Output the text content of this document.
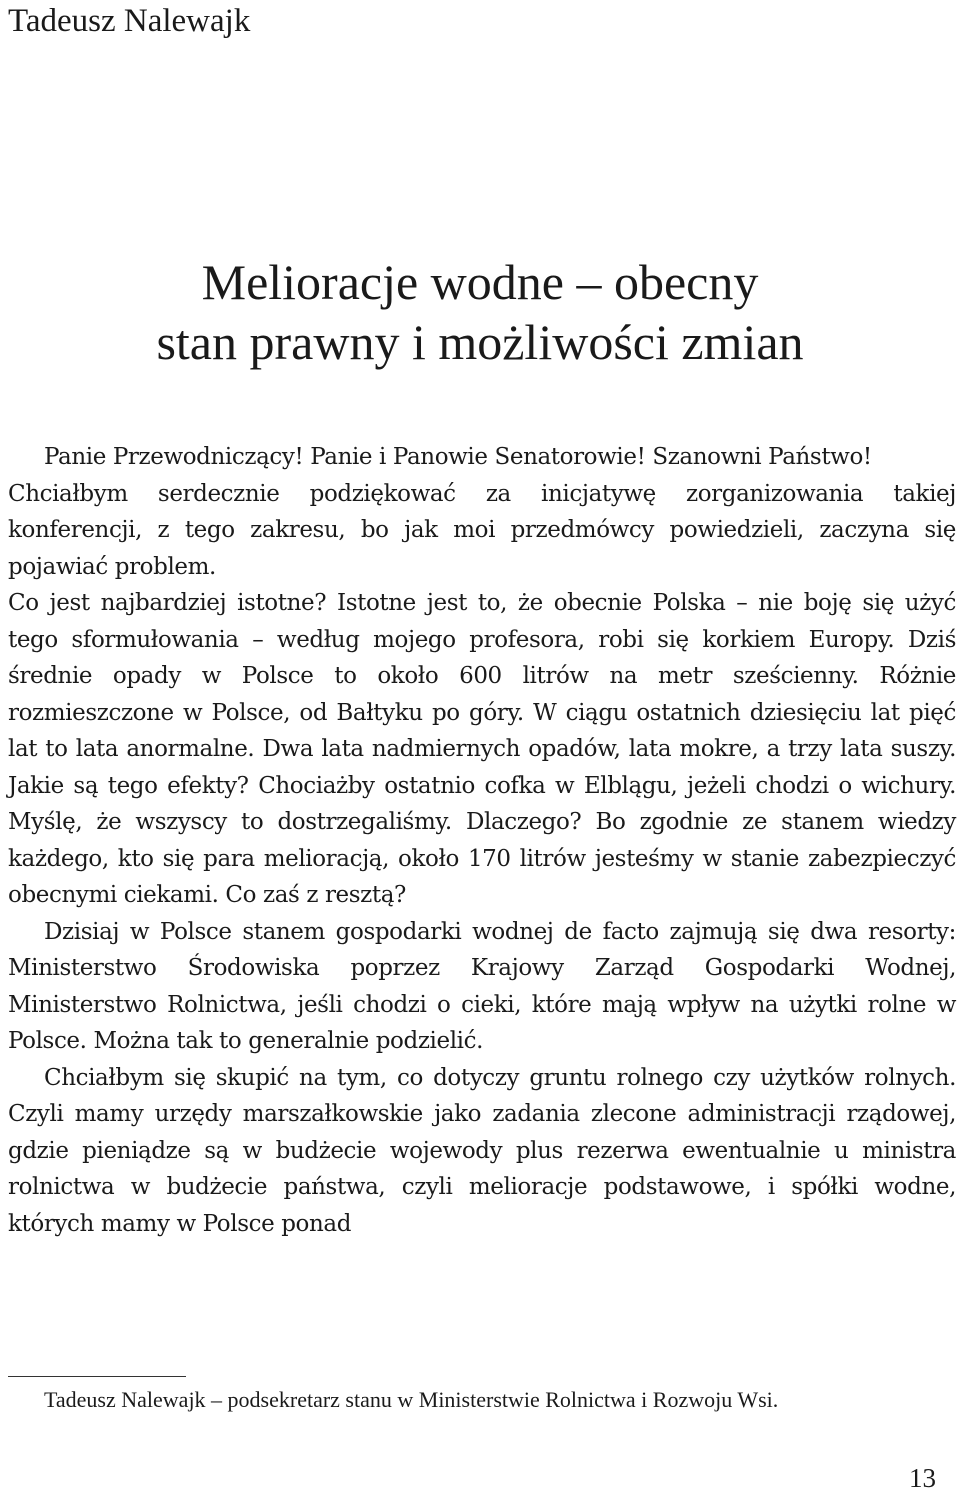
Tadeusz Nalewajk
Melioracje wodne – obecny
stan prawny i możliwości zmian

Panie Przewodniczący! Panie i Panowie Senatorowie! Szanowni Państwo!

Chciałbym serdecznie podziękować za inicjatywę zorganizowania takiej konferencji, z tego zakresu, bo jak moi przedmówcy powiedzieli, zaczyna się pojawiać problem.

Co jest najbardziej istotne? Istotne jest to, że obecnie Polska – nie boję się użyć tego sformułowania – według mojego profesora, robi się korkiem Europy. Dziś średnie opady w Polsce to około 600 litrów na metr sześcienny. Różnie rozmieszczone w Polsce, od Bałtyku po góry. W ciągu ostatnich dziesięciu lat pięć lat to lata anormalne. Dwa lata nadmiernych opadów, lata mokre, a trzy lata suszy. Jakie są tego efekty? Chociażby ostatnio cofka w Elblągu, jeżeli chodzi o wichury. Myślę, że wszyscy to dostrzegaliśmy. Dlaczego? Bo zgodnie ze stanem wiedzy każdego, kto się para melioracją, około 170 litrów jesteśmy w stanie zabezpieczyć obecnymi ciekami. Co zaś z resztą?

Dzisiaj w Polsce stanem gospodarki wodnej de facto zajmują się dwa resorty: Ministerstwo Środowiska poprzez Krajowy Zarząd Gospodarki Wodnej, Ministerstwo Rolnictwa, jeśli chodzi o cieki, które mają wpływ na użytki rolne w Polsce. Można tak to generalnie podzielić.

Chciałbym się skupić na tym, co dotyczy gruntu rolnego czy użytków rolnych. Czyli mamy urzędy marszałkowskie jako zadania zlecone administracji rządowej, gdzie pieniądze są w budżecie wojewody plus rezerwa ewentualnie u ministra rolnictwa w budżecie państwa, czyli melioracje podstawowe, i spółki wodne, których mamy w Polsce ponad

Tadeusz Nalewajk – podsekretarz stanu w Ministerstwie Rolnictwa i Rozwoju Wsi.

13
